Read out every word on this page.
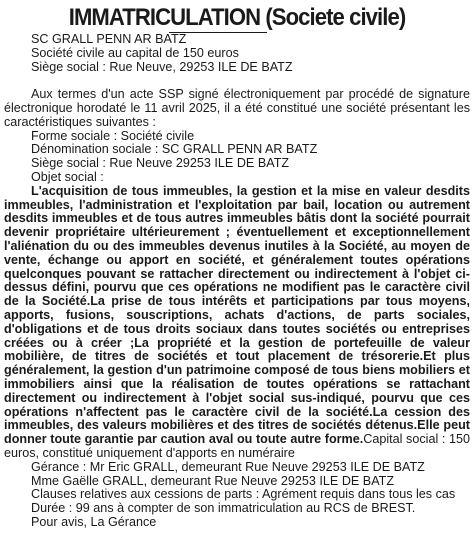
IMMATRICULATION (Societe civile)
SC GRALL PENN AR BATZ
Société civile au capital de 150 euros
Siège social : Rue Neuve, 29253 ILE DE BATZ

Aux termes d'un acte SSP signé électroniquement par procédé de signature électronique horodaté le 11 avril 2025, il a été constitué une société présentant les caractéristiques suivantes :

Forme sociale : Société civile
Dénomination sociale : SC GRALL PENN AR BATZ
Siège social : Rue Neuve 29253 ILE DE BATZ
Objet social :

L'acquisition de tous immeubles, la gestion et la mise en valeur desdits immeubles, l'administration et l'exploitation par bail, location ou autrement desdits immeubles et de tous autres immeubles bâtis dont la société pourrait devenir propriétaire ultérieurement ; éventuellement et exceptionnellement l'aliénation du ou des immeubles devenus inutiles à la Société, au moyen de vente, échange ou apport en société, et généralement toutes opérations quelconques pouvant se rattacher directement ou indirectement à l'objet ci- dessus défini, pourvu que ces opérations ne modifient pas le caractère civil de la Société.La prise de tous intérêts et participations par tous moyens, apports, fusions, souscriptions, achats d'actions, de parts sociales, d'obligations et de tous droits sociaux dans toutes sociétés ou entreprises créées ou à créer ;La propriété et la gestion de portefeuille de valeur mobilière, de titres de sociétés et tout placement de trésorerie.Et plus généralement, la gestion d'un patrimoine composé de tous biens mobiliers et immobiliers ainsi que la réalisation de toutes opérations se rattachant directement ou indirectement à l'objet social sus-indiqué, pourvu que ces opérations n'affectent pas le caractère civil de la société.La cession des immeubles, des valeurs mobilières et des titres de sociétés détenus.Elle peut donner toute garantie par caution aval ou toute autre forme.Capital social : 150 euros, constitué uniquement d'apports en numéraire

Gérance : Mr Eric GRALL, demeurant Rue Neuve 29253 ILE DE BATZ
Mme Gaëlle GRALL, demeurant Rue Neuve 29253 ILE DE BATZ
Clauses relatives aux cessions de parts : Agrément requis dans tous les cas
Durée : 99 ans à compter de son immatriculation au RCS de BREST.
Pour avis, La Gérance
